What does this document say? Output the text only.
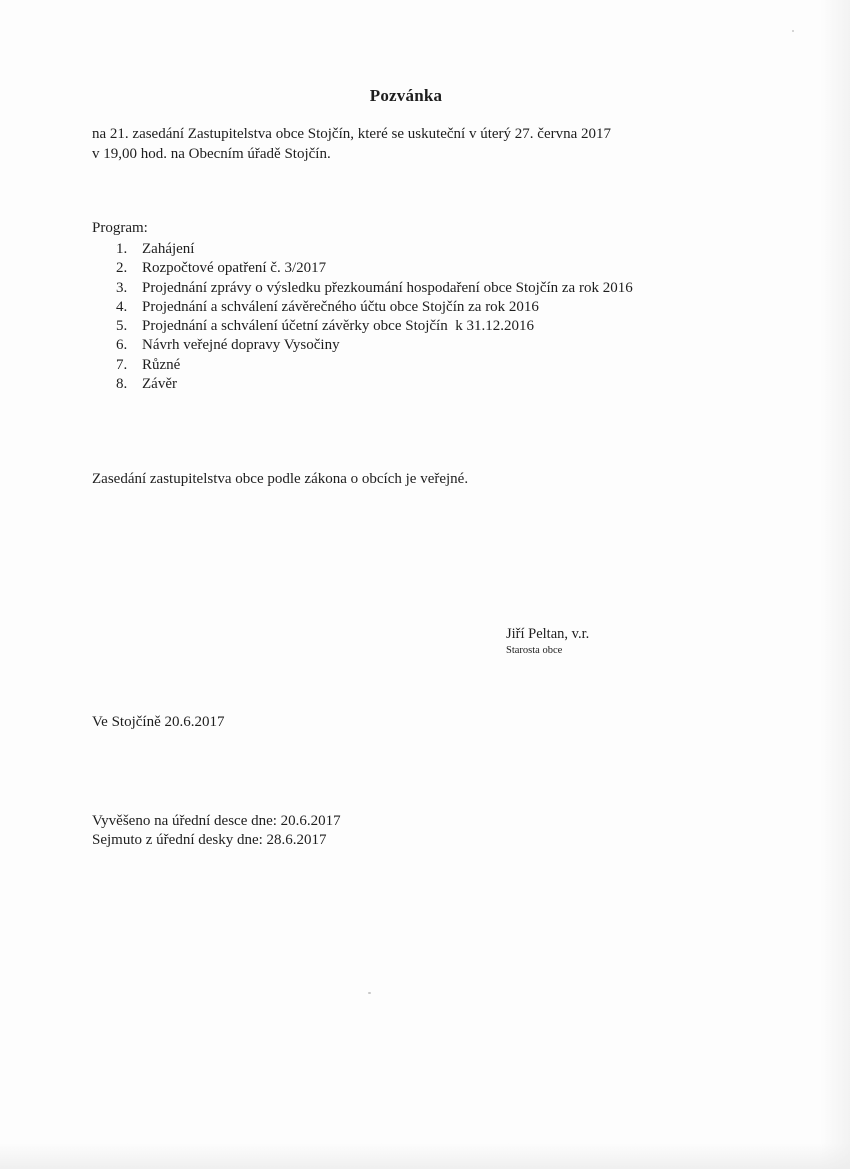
Pozvánka
na 21. zasedání Zastupitelstva obce Stojčín, které se uskuteční v úterý 27. června 2017
v 19,00 hod. na Obecním úřadě Stojčín.
Program:
1. Zahájení
2. Rozpočtové opatření č. 3/2017
3. Projednání zprávy o výsledku přezkoumání hospodaření obce Stojčín za rok 2016
4. Projednání a schválení závěrečného účtu obce Stojčín za rok 2016
5. Projednání a schválení účetní závěrky obce Stojčín  k 31.12.2016
6. Návrh veřejné dopravy Vysočiny
7. Různé
8. Závěr
Zasedání zastupitelstva obce podle zákona o obcích je veřejné.
Jiří Peltan, v.r.
Starosta obce
Ve Stojčíně 20.6.2017
Vyvěšeno na úřední desce dne: 20.6.2017
Sejmuto z úřední desky dne: 28.6.2017
